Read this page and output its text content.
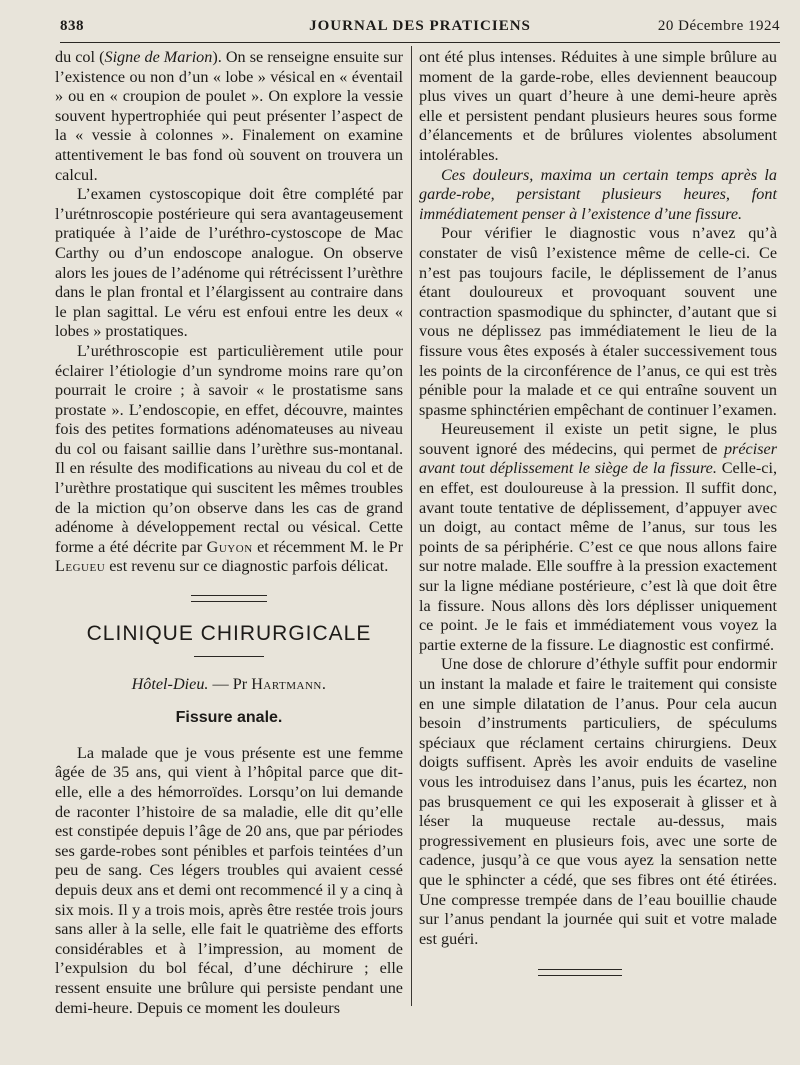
838	JOURNAL DES PRATICIENS	20 Décembre 1924

du col (Signe de Marion). On se renseigne ensuite sur l’existence ou non d’un « lobe » vésical en « éventail » ou en « croupion de poulet ». On explore la vessie souvent hypertrophiée qui peut présenter l’aspect de la « vessie à colonnes ». Finalement on examine attentivement le bas fond où souvent on trouvera un calcul.

L’examen cystoscopique doit être complété par l’urétnroscopie postérieure qui sera avantageusement pratiquée à l’aide de l’uréthro-cystoscope de Mac Carthy ou d’un endoscope analogue. On observe alors les joues de l’adénome qui rétrécissent l’urèthre dans le plan frontal et l’élargissent au contraire dans le plan sagittal. Le véru est enfoui entre les deux « lobes » prostatiques.

L’uréthroscopie est particulièrement utile pour éclairer l’étiologie d’un syndrome moins rare qu’on pourrait le croire ; à savoir « le prostatisme sans prostate ». L’endoscopie, en effet, découvre, maintes fois des petites formations adénomateuses au niveau du col ou faisant saillie dans l’urèthre sus-montanal. Il en résulte des modifications au niveau du col et de l’urèthre prostatique qui suscitent les mêmes troubles de la miction qu’on observe dans les cas de grand adénome à développement rectal ou vésical. Cette forme a été décrite par Guyon et récemment M. le Pr Legueu est revenu sur ce diagnostic parfois délicat.

CLINIQUE CHIRURGICALE
Hôtel-Dieu. — Pr Hartmann.
Fissure anale.

La malade que je vous présente est une femme âgée de 35 ans, qui vient à l’hôpital parce que dit-elle, elle a des hémorroïdes. Lorsqu’on lui demande de raconter l’histoire de sa maladie, elle dit qu’elle est constipée depuis l’âge de 20 ans, que par périodes ses garde-robes sont pénibles et parfois teintées d’un peu de sang. Ces légers troubles qui avaient cessé depuis deux ans et demi ont recommencé il y a cinq à six mois. Il y a trois mois, après être restée trois jours sans aller à la selle, elle fait le quatrième des efforts considérables et à l’impression, au moment de l’expulsion du bol fécal, d’une déchirure ; elle ressent ensuite une brûlure qui persiste pendant une demi-heure. Depuis ce moment les douleurs

ont été plus intenses. Réduites à une simple brûlure au moment de la garde-robe, elles deviennent beaucoup plus vives un quart d’heure à une demi-heure après elle et persistent pendant plusieurs heures sous forme d’élancements et de brûlures violentes absolument intolérables.

Ces douleurs, maxima un certain temps après la garde-robe, persistant plusieurs heures, font immédiatement penser à l’existence d’une fissure.

Pour vérifier le diagnostic vous n’avez qu’à constater de visû l’existence même de celle-ci. Ce n’est pas toujours facile, le déplissement de l’anus étant douloureux et provoquant souvent une contraction spasmodique du sphincter, d’autant que si vous ne déplissez pas immédiatement le lieu de la fissure vous êtes exposés à étaler successivement tous les points de la circonférence de l’anus, ce qui est très pénible pour la malade et ce qui entraîne souvent un spasme sphinctérien empêchant de continuer l’examen.

Heureusement il existe un petit signe, le plus souvent ignoré des médecins, qui permet de préciser avant tout déplissement le siège de la fissure. Celle-ci, en effet, est douloureuse à la pression. Il suffit donc, avant toute tentative de déplissement, d’appuyer avec un doigt, au contact même de l’anus, sur tous les points de sa périphérie. C’est ce que nous allons faire sur notre malade. Elle souffre à la pression exactement sur la ligne médiane postérieure, c’est là que doit être la fissure. Nous allons dès lors déplisser uniquement ce point. Je le fais et immédiatement vous voyez la partie externe de la fissure. Le diagnostic est confirmé.

Une dose de chlorure d’éthyle suffit pour endormir un instant la malade et faire le traitement qui consiste en une simple dilatation de l’anus. Pour cela aucun besoin d’instruments particuliers, de spéculums spéciaux que réclament certains chirurgiens. Deux doigts suffisent. Après les avoir enduits de vaseline vous les introduisez dans l’anus, puis les écartez, non pas brusquement ce qui les exposerait à glisser et à léser la muqueuse rectale au-dessus, mais progressivement en plusieurs fois, avec une sorte de cadence, jusqu’à ce que vous ayez la sensation nette que le sphincter a cédé, que ses fibres ont été étirées. Une compresse trempée dans de l’eau bouillie chaude sur l’anus pendant la journée qui suit et votre malade est guéri.
